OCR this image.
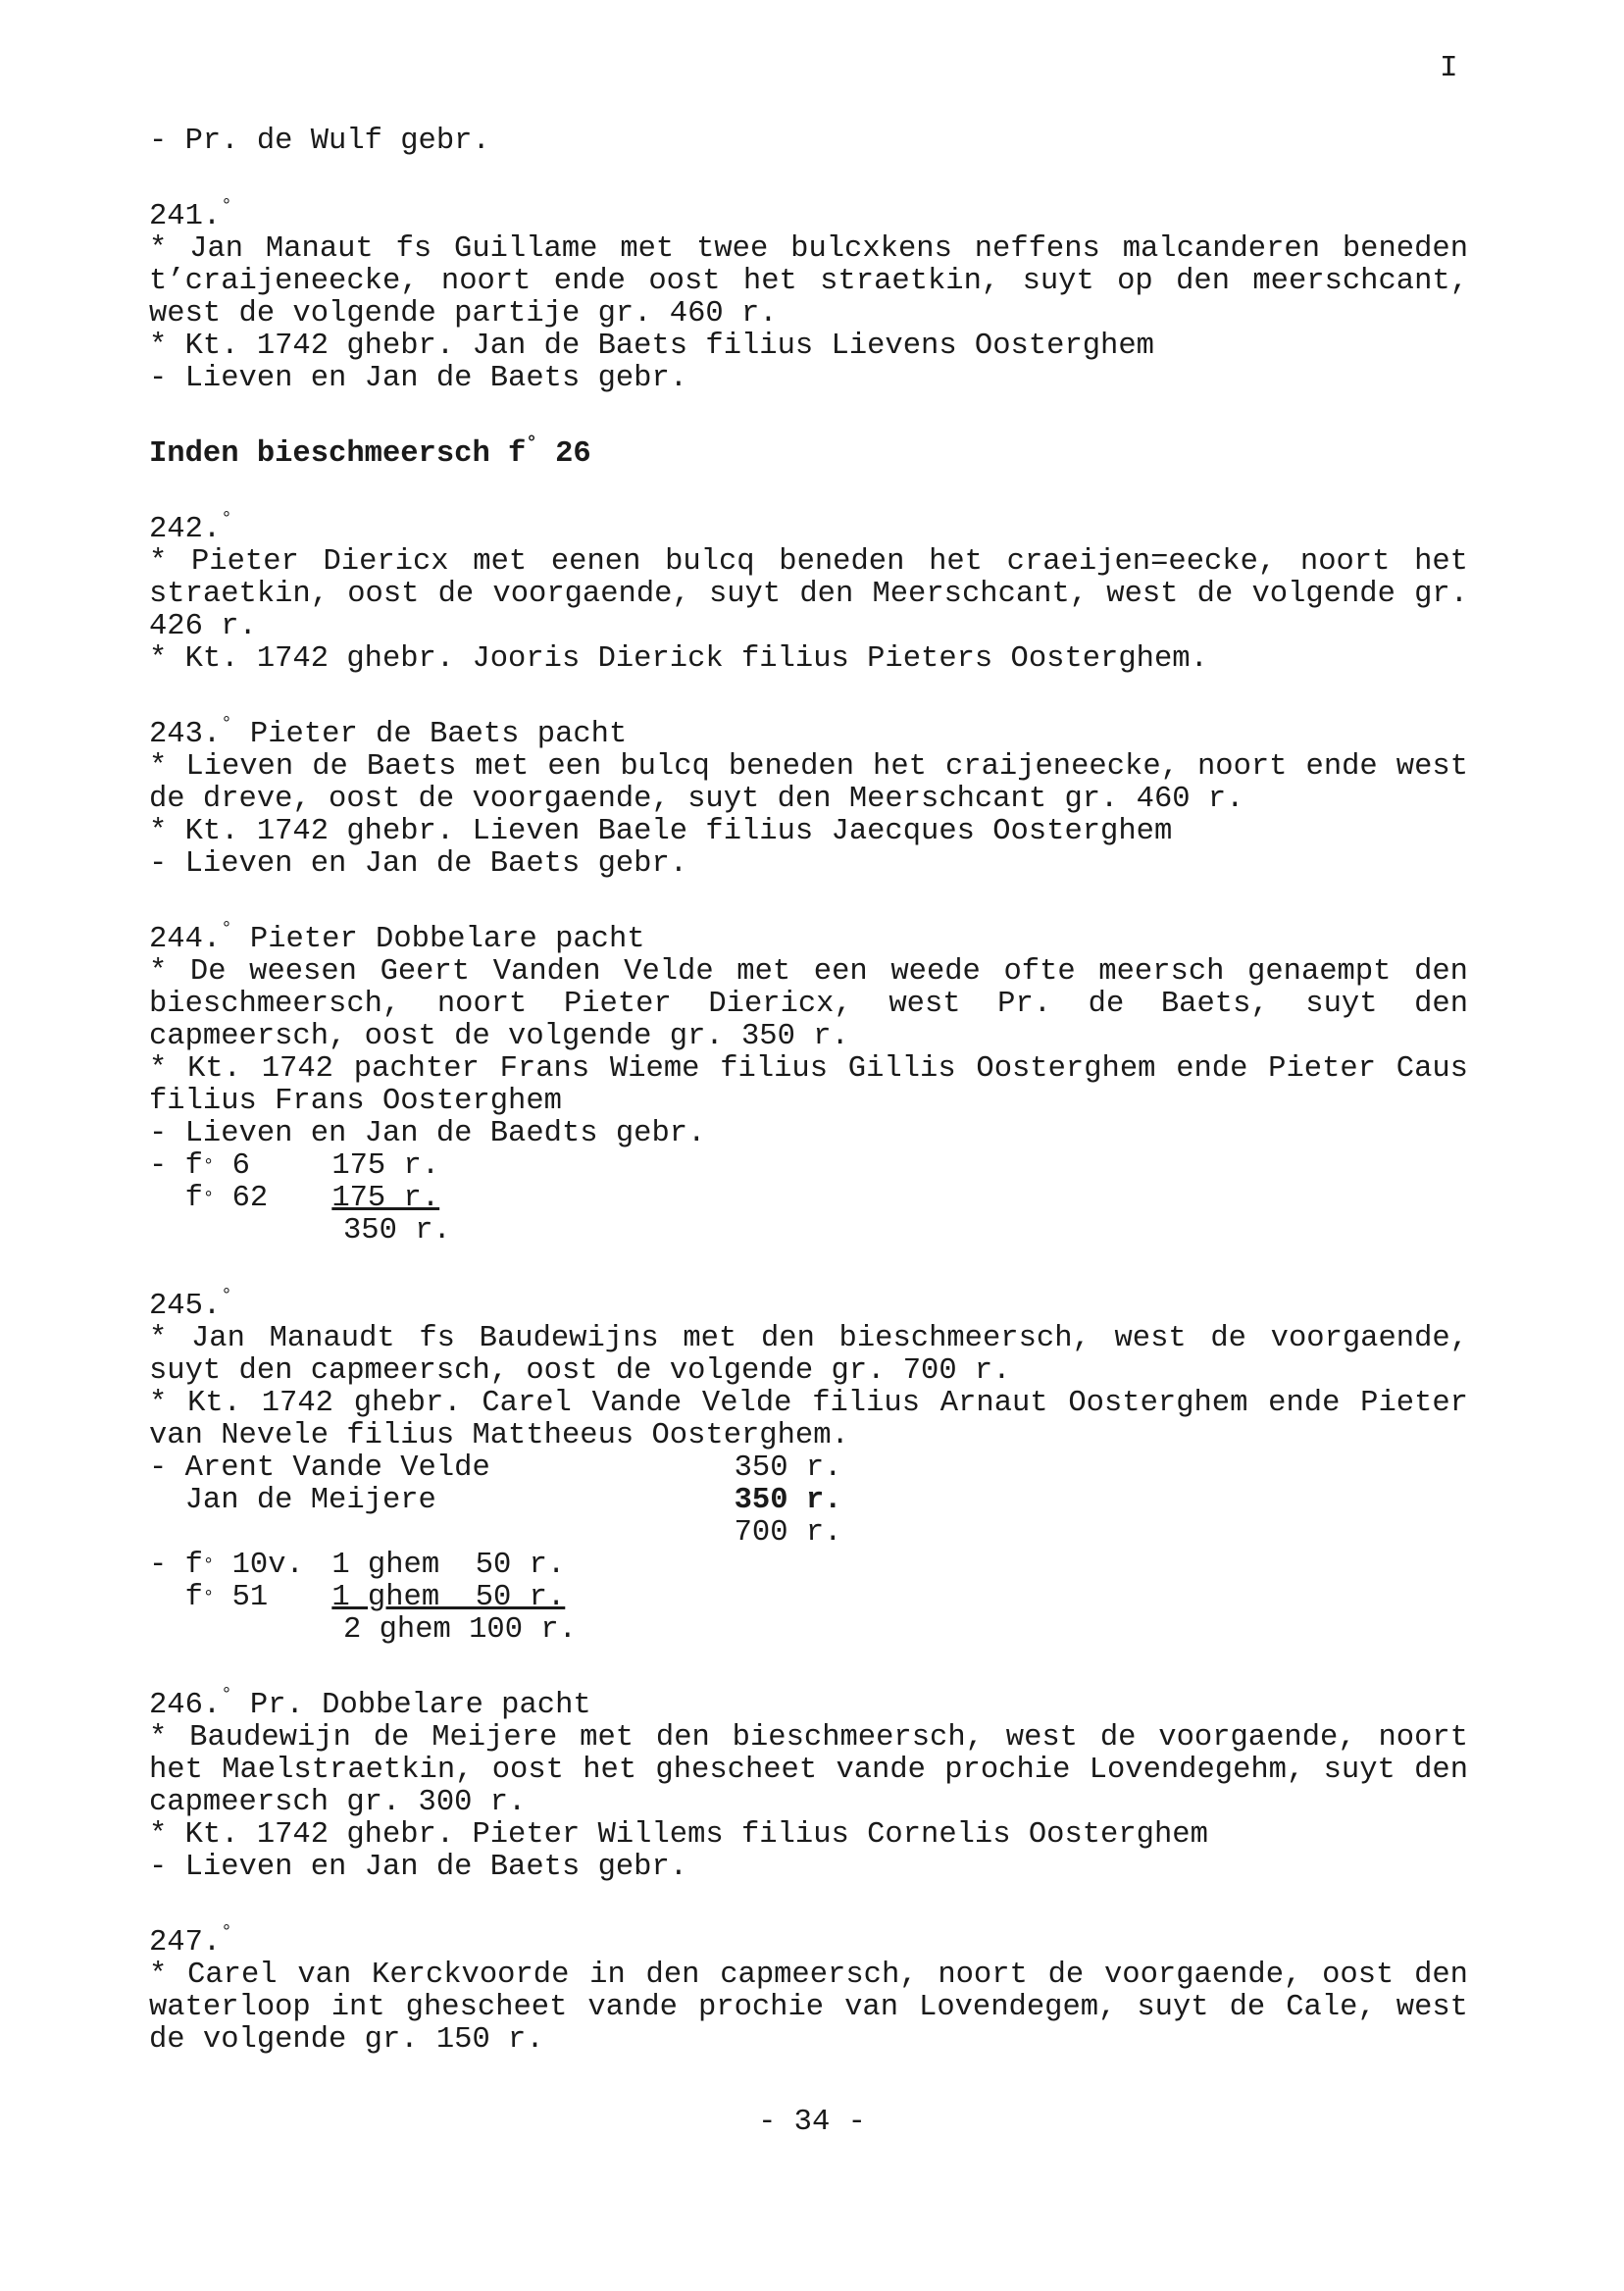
I
- Pr. de Wulf gebr.
241.°
* Jan Manaut fs Guillame met twee bulcxkens neffens malcanderen beneden t’craijeneecke, noort ende oost het straetkin, suyt op den meerschcant, west de volgende partije gr. 460 r.
* Kt. 1742 ghebr. Jan de Baets filius Lievens Oosterghem
- Lieven en Jan de Baets gebr.
Inden bieschmeersch f° 26
242.°
* Pieter Diericx met eenen bulcq beneden het craeijen=eecke, noort het straetkin, oost de voorgaende, suyt den Meerschcant, west de volgende gr. 426 r.
* Kt. 1742 ghebr. Jooris Dierick filius Pieters Oosterghem.
243.° Pieter de Baets pacht
* Lieven de Baets met een bulcq beneden het craijeneecke, noort ende west de dreve, oost de voorgaende, suyt den Meerschcant gr. 460 r.
* Kt. 1742 ghebr. Lieven Baele filius Jaecques Oosterghem
- Lieven en Jan de Baets gebr.
244.° Pieter Dobbelare pacht
* De weesen Geert Vanden Velde met een weede ofte meersch genaempt den bieschmeersch, noort Pieter Diericx, west Pr. de Baets, suyt den capmeersch, oost de volgende gr. 350 r.
* Kt. 1742 pachter Frans Wieme filius Gillis Oosterghem ende Pieter Caus filius Frans Oosterghem
- Lieven en Jan de Baedts gebr.
- f ° 6	175 r.

f ° 62	175 r.
350 r.
245.°
* Jan Manaudt fs Baudewijns met den bieschmeersch, west de voorgaende, suyt den capmeersch, oost de volgende gr. 700 r.
* Kt. 1742 ghebr. Carel Vande Velde filius Arnaut Oosterghem ende Pieter van Nevele filius Mattheeus Oosterghem.
- Arent Vande Velde	350 r.

Jan de Meijere	350 r.

700 r.
- f ° 10v. 1 ghem  50 r.

f ° 51	1 ghem  50 r.
2 ghem 100 r.
246.° Pr. Dobbelare pacht
* Baudewijn de Meijere met den bieschmeersch, west de voorgaende, noort het Maelstraetkin, oost het ghescheet vande prochie Lovendegehm, suyt den capmeersch gr. 300 r.
* Kt. 1742 ghebr. Pieter Willems filius Cornelis Oosterghem
- Lieven en Jan de Baets gebr.
247.°
* Carel van Kerckvoorde in den capmeersch, noort de voorgaende, oost den waterloop int ghescheet vande prochie van Lovendegem, suyt de Cale, west de volgende gr. 150 r.
- 34 -
